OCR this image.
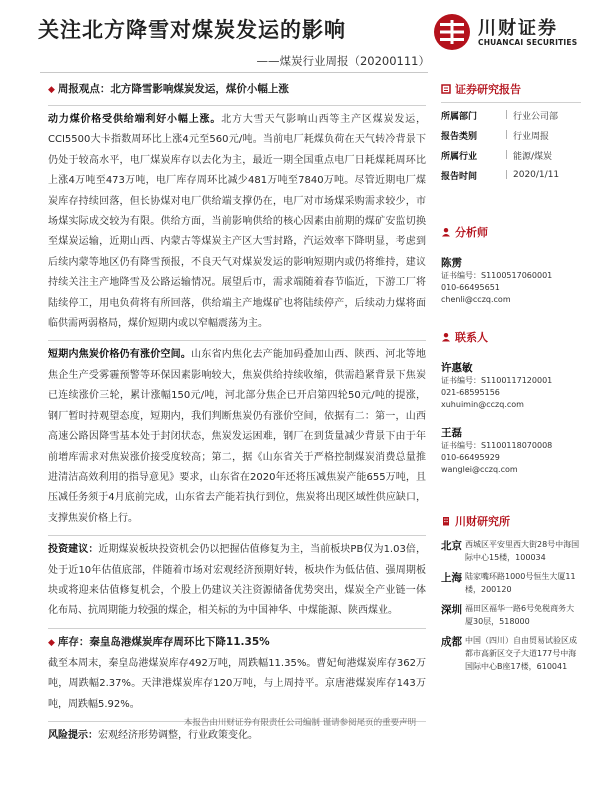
关注北方降雪对煤炭发运的影响
——煤炭行业周报（20200111）
川财证券
CHUANCAI SECURITIES
◆ 周报观点： 北方降雪影响煤炭发运，煤价小幅上涨

动力煤价格受供给端利好小幅上涨。北方大雪天气影响山西等主产区煤炭发运，CCI5500大卡指数周环比上涨4元至560元/吨。当前电厂耗煤负荷在天气转冷背景下仍处于较高水平，电厂煤炭库存以去化为主，最近一期全国重点电厂日耗煤耗周环比上涨4万吨至473万吨，电厂库存周环比减少481万吨至7840万吨。尽管近期电厂煤炭库存持续回落，但长协煤对电厂供给端支撑仍在，电厂对市场煤采购需求较少，市场煤实际成交较为有限。供给方面，当前影响供给的核心因素由前期的煤矿安监切换至煤炭运输，近期山西、内蒙古等煤炭主产区大雪封路，汽运效率下降明显，考虑到后续内蒙等地区仍有降雪预报，不良天气对煤炭发运的影响短期内或仍将维持，建议持续关注主产地降雪及公路运输情况。展望后市，需求端随着春节临近，下游工厂将陆续停工，用电负荷将有所回落，供给端主产地煤矿也将陆续停产，后续动力煤将面临供需两弱格局，煤价短期内或以窄幅震荡为主。

短期内焦炭价格仍有涨价空间。山东省内焦化去产能加码叠加山西、陕西、河北等地焦企生产受雾霾预警等环保因素影响较大，焦炭供给持续收缩，供需趋紧背景下焦炭已连续涨价三轮，累计涨幅150元/吨，河北部分焦企已开启第四轮50元/吨的提涨，钢厂暂时持观望态度，短期内，我们判断焦炭仍有涨价空间，依据有二：第一，山西高速公路因降雪基本处于封闭状态，焦炭发运困难，钢厂在到货量减少背景下由于年前增库需求对焦炭涨价接受度较高；第二，据《山东省关于严格控制煤炭消费总量推进清洁高效利用的指导意见》要求，山东省在2020年还将压减焦炭产能655万吨，且压减任务须于4月底前完成，山东省去产能若执行到位，焦炭将出现区域性供应缺口，支撑焦炭价格上行。

投资建议：近期煤炭板块投资机会仍以把握估值修复为主，当前板块PB仅为1.03倍，处于近10年估值底部，伴随着市场对宏观经济预期好转，板块作为低估值、强周期板块或将迎来估值修复机会，个股上仍建议关注资源储备优势突出，煤炭全产业链一体化布局、抗周期能力较强的煤企，相关标的为中国神华、中煤能源、陕西煤业。

◆ 库存： 秦皇岛港煤炭库存周环比下降11.35%

截至本周末，秦皇岛港煤炭库存492万吨，周跌幅11.35%。曹妃甸港煤炭库存362万吨，周跌幅2.37%。天津港煤炭库存120万吨，与上周持平。京唐港煤炭库存143万吨，周跌幅5.92%。

风险提示：宏观经济形势调整，行业政策变化。

证券研究报告
所属部门	| 行业公司部
报告类别	| 行业周报
所属行业	| 能源/煤炭
报告时间	| 2020/1/11
分析师
陈雳
证书编号：S1100517060001
010-66495651
chenli@cczq.com
联系人
许惠敏
证书编号：S1100117120001
021-68595156
xuhuimin@cczq.com
王磊
证书编号：S1100118070008
010-66495929
wanglei@cczq.com
川财研究所
北京 西城区平安里西大街28号中海国际中心15楼，100034
上海 陆家嘴环路1000号恒生大厦11楼，200120
深圳 福田区福华一路6号免税商务大厦30层，518000
成都 中国（四川）自由贸易试验区成都市高新区交子大道177号中海国际中心B座17楼，610041
本报告由川财证券有限责任公司编制 谨请参阅尾页的重要声明
